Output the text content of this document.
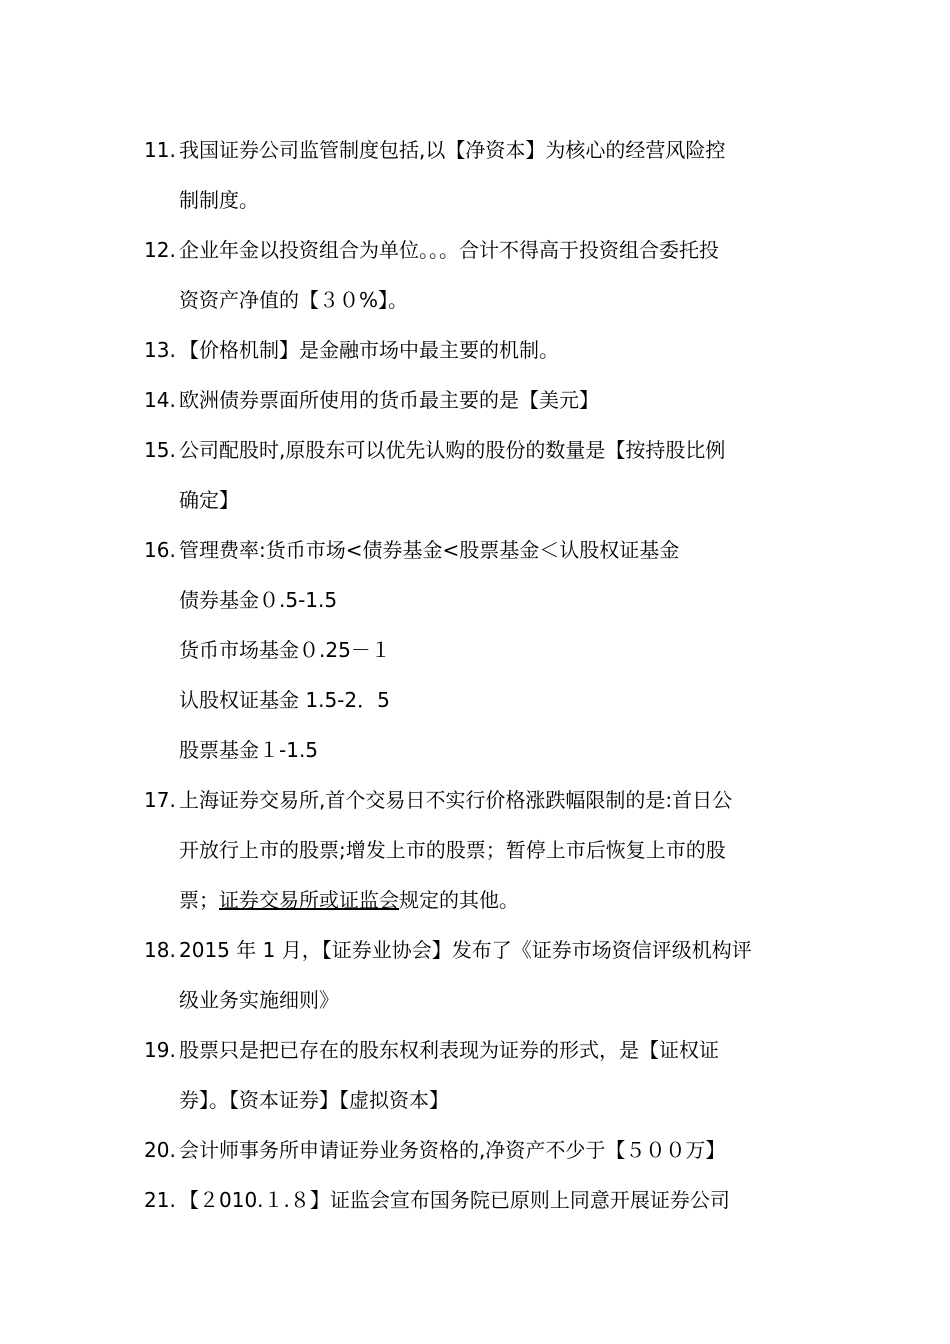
11. 我国证券公司监管制度包括,以【净资本】为核心的经营风险控
制制度。
12. 企业年金以投资组合为单位。。。合计不得高于投资组合委托投
资资产净值的【３０%】。
13. 【价格机制】是金融市场中最主要的机制。
14. 欧洲债券票面所使用的货币最主要的是【美元】
15. 公司配股时,原股东可以优先认购的股份的数量是【按持股比例
确定】
16. 管理费率:货币市场<债券基金<股票基金＜认股权证基金
债券基金０.5-1.5
货币市场基金０.25－１
认股权证基金 1.5-2．5
股票基金１-1.5
17. 上海证券交易所,首个交易日不实行价格涨跌幅限制的是:首日公
开放行上市的股票;增发上市的股票；暂停上市后恢复上市的股
票；证券交易所或证监会规定的其他。
18. 2015 年 1 月，【证券业协会】发布了《证券市场资信评级机构评
级业务实施细则》
19. 股票只是把已存在的股东权利表现为证券的形式，是【证权证
券】。【资本证券】【虚拟资本】
20. 会计师事务所申请证券业务资格的,净资产不少于【５００万】
21. 【２010.１.８】证监会宣布国务院已原则上同意开展证券公司
